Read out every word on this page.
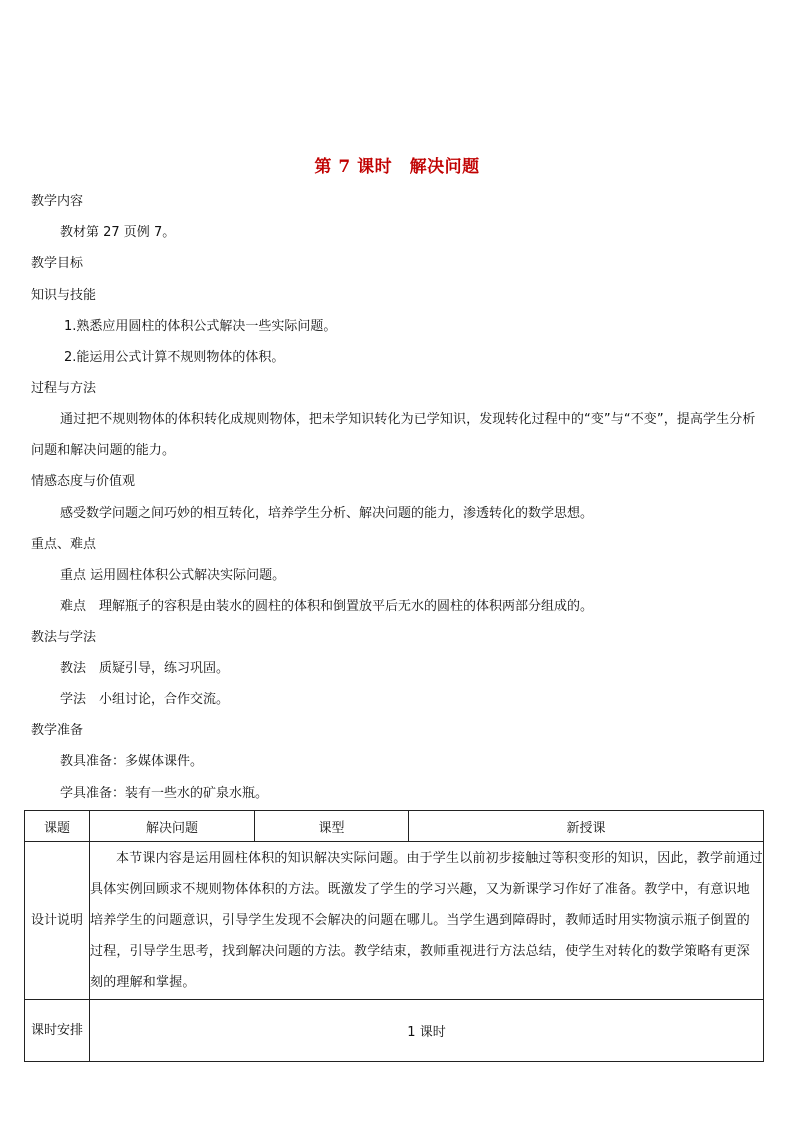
第 7 课时　解决问题
教学内容
教材第 27 页例 7。
教学目标
知识与技能
1.熟悉应用圆柱的体积公式解决一些实际问题。
2.能运用公式计算不规则物体的体积。
过程与方法
通过把不规则物体的体积转化成规则物体，把未学知识转化为已学知识，发现转化过程中的“变”与“不变”，提高学生分析问题和解决问题的能力。
情感态度与价值观
感受数学问题之间巧妙的相互转化，培养学生分析、解决问题的能力，渗透转化的数学思想。
重点、难点
重点 运用圆柱体积公式解决实际问题。
难点　理解瓶子的容积是由装水的圆柱的体积和倒置放平后无水的圆柱的体积两部分组成的。
教法与学法
教法　质疑引导，练习巩固。
学法　小组讨论，合作交流。
教学准备
教具准备：多媒体课件。
学具准备：装有一些水的矿泉水瓶。
课题	解决问题	课型	新授课
设计说明	本节课内容是运用圆柱体积的知识解决实际问题。由于学生以前初步接触过等积变形的知识，因此，教学前通过具体实例回顾求不规则物体体积的方法。既激发了学生的学习兴趣，又为新课学习作好了准备。教学中，有意识地培养学生的问题意识，引导学生发现不会解决的问题在哪儿。当学生遇到障碍时，教师适时用实物演示瓶子倒置的过程，引导学生思考，找到解决问题的方法。教学结束，教师重视进行方法总结，使学生对转化的数学策略有更深刻的理解和掌握。		
课时安排	1 课时		
